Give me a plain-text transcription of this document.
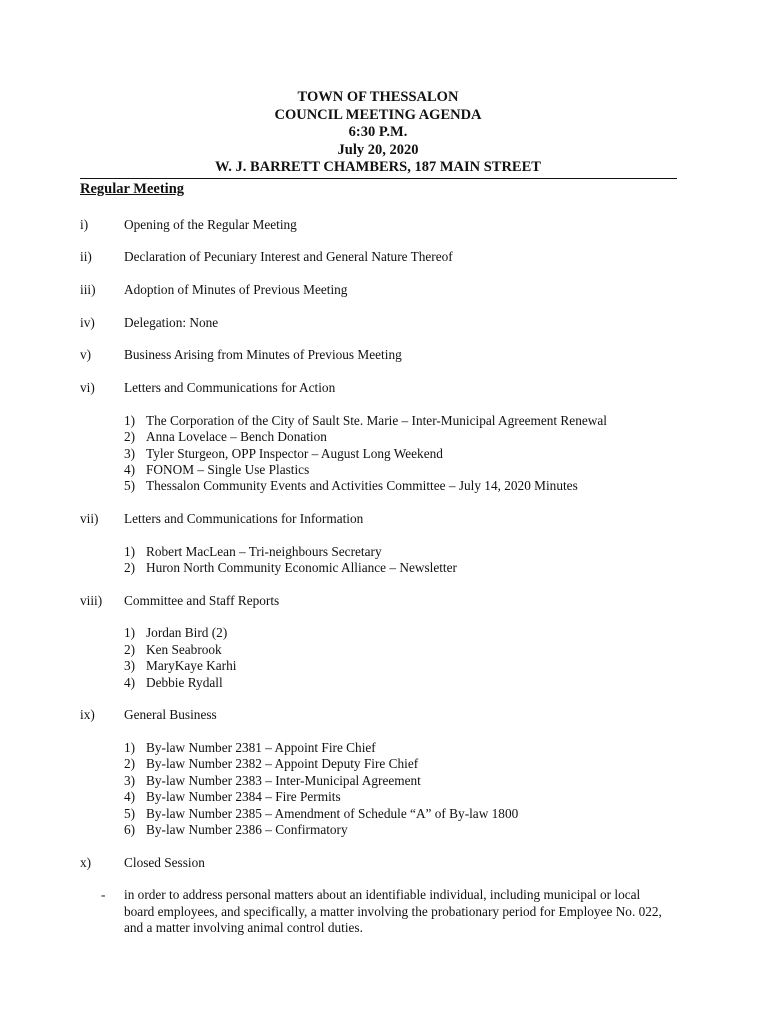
TOWN OF THESSALON
COUNCIL MEETING AGENDA
6:30 P.M.
July 20, 2020
W. J. BARRETT CHAMBERS, 187 MAIN STREET
Regular Meeting
i)	Opening of the Regular Meeting
ii) Declaration of Pecuniary Interest and General Nature Thereof
iii) Adoption of Minutes of Previous Meeting
iv) Delegation: None
v) Business Arising from Minutes of Previous Meeting
vi) Letters and Communications for Action
1) The Corporation of the City of Sault Ste. Marie – Inter-Municipal Agreement Renewal
2) Anna Lovelace – Bench Donation
3) Tyler Sturgeon, OPP Inspector – August Long Weekend
4) FONOM – Single Use Plastics
5) Thessalon Community Events and Activities Committee – July 14, 2020 Minutes
vii) Letters and Communications for Information
1) Robert MacLean – Tri-neighbours Secretary
2) Huron North Community Economic Alliance – Newsletter
viii) Committee and Staff Reports
1) Jordan Bird (2)
2) Ken Seabrook
3) MaryKaye Karhi
4) Debbie Rydall
ix) General Business
1) By-law Number 2381 – Appoint Fire Chief
2) By-law Number 2382 – Appoint Deputy Fire Chief
3) By-law Number 2383 – Inter-Municipal Agreement
4) By-law Number 2384 – Fire Permits
5) By-law Number 2385 – Amendment of Schedule “A” of By-law 1800
6) By-law Number 2386 – Confirmatory
x) Closed Session
- in order to address personal matters about an identifiable individual, including municipal or local board employees, and specifically, a matter involving the probationary period for Employee No. 022, and a matter involving animal control duties.
